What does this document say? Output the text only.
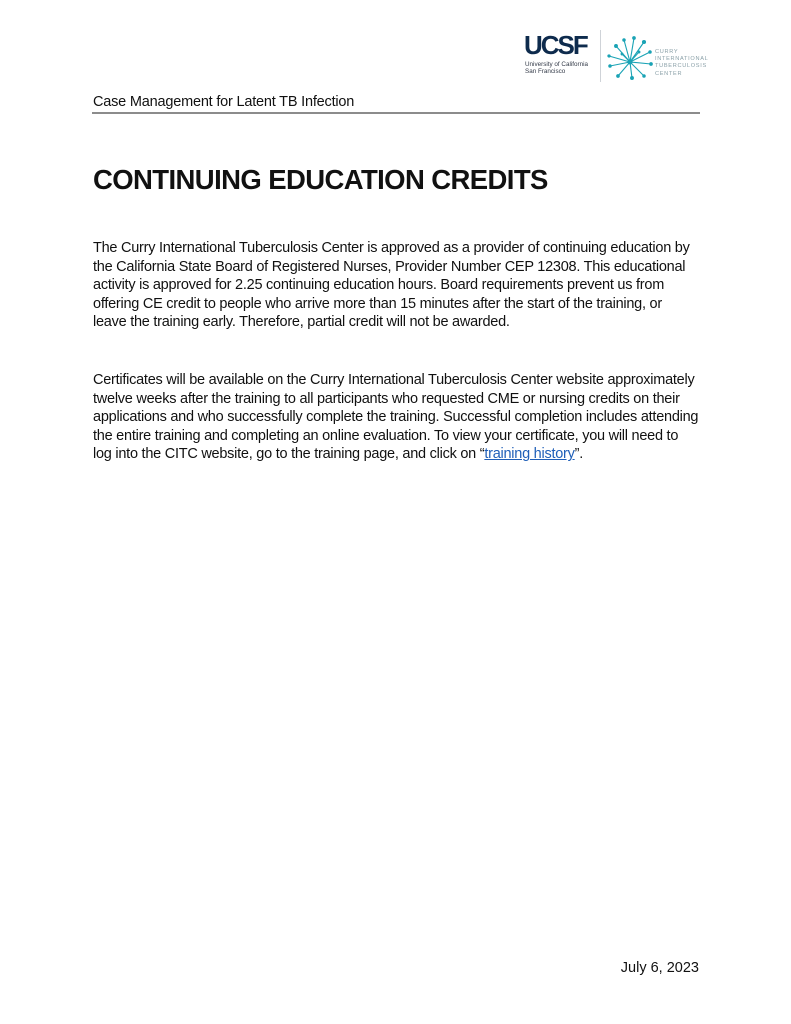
UCSF
University of California
San Francisco
CURRY
INTERNATIONAL
TUBERCULOSIS
CENTER
Case Management for Latent TB Infection
CONTINUING EDUCATION CREDITS

The Curry International Tuberculosis Center is approved as a provider of continuing education by the California State Board of Registered Nurses, Provider Number CEP 12308. This educational activity is approved for 2.25 continuing education hours. Board requirements prevent us from offering CE credit to people who arrive more than 15 minutes after the start of the training, or leave the training early. Therefore, partial credit will not be awarded.

Certificates will be available on the Curry International Tuberculosis Center website approximately twelve weeks after the training to all participants who requested CME or nursing credits on their applications and who successfully complete the training. Successful completion includes attending the entire training and completing an online evaluation. To view your certificate, you will need to log into the CITC website, go to the training page, and click on “training history”.

July 6, 2023
